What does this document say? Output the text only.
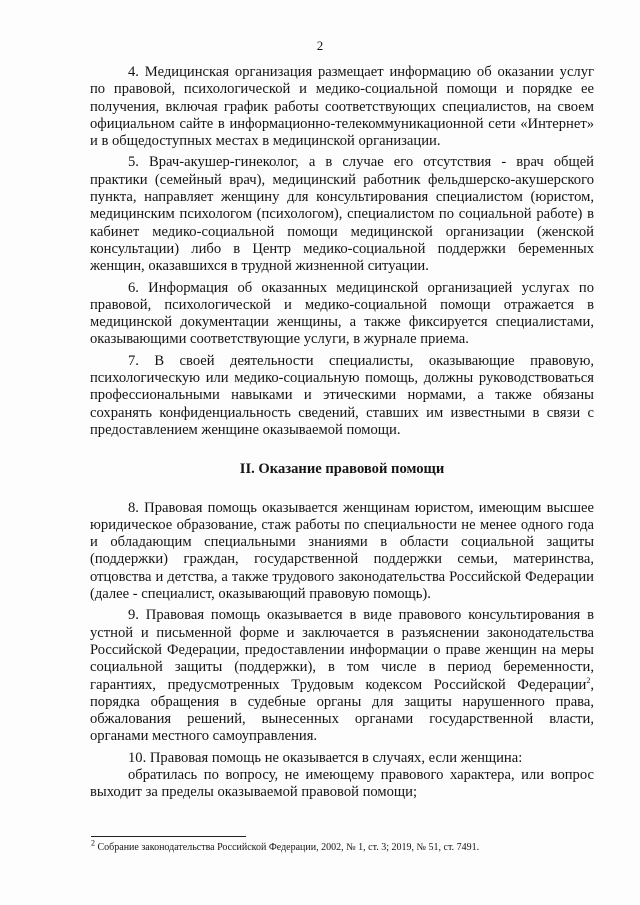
2

4. Медицинская организация размещает информацию об оказании услуг по правовой, психологической и медико-социальной помощи и порядке ее получения, включая график работы соответствующих специалистов, на своем официальном сайте в информационно-телекоммуникационной сети «Интернет» и в общедоступных местах в медицинской организации.

5. Врач-акушер-гинеколог, а в случае его отсутствия - врач общей практики (семейный врач), медицинский работник фельдшерско-акушерского пункта, направляет женщину для консультирования специалистом (юристом, медицинским психологом (психологом), специалистом по социальной работе) в кабинет медико-социальной помощи медицинской организации (женской консультации) либо в Центр медико-социальной поддержки беременных женщин, оказавшихся в трудной жизненной ситуации.

6. Информация об оказанных медицинской организацией услугах по правовой, психологической и медико-социальной помощи отражается в медицинской документации женщины, а также фиксируется специалистами, оказывающими соответствующие услуги, в журнале приема.

7. В своей деятельности специалисты, оказывающие правовую, психологическую или медико-социальную помощь, должны руководствоваться профессиональными навыками и этическими нормами, а также обязаны сохранять конфиденциальность сведений, ставших им известными в связи с предоставлением женщине оказываемой помощи.

II. Оказание правовой помощи

8. Правовая помощь оказывается женщинам юристом, имеющим высшее юридическое образование, стаж работы по специальности не менее одного года и обладающим специальными знаниями в области социальной защиты (поддержки) граждан, государственной поддержки семьи, материнства, отцовства и детства, а также трудового законодательства Российской Федерации (далее - специалист, оказывающий правовую помощь).

9. Правовая помощь оказывается в виде правового консультирования в устной и письменной форме и заключается в разъяснении законодательства Российской Федерации, предоставлении информации о праве женщин на меры социальной защиты (поддержки), в том числе в период беременности, гарантиях, предусмотренных Трудовым кодексом Российской Федерации$^2$, порядка обращения в судебные органы для защиты нарушенного права, обжалования решений, вынесенных органами государственной власти, органами местного самоуправления.

10. Правовая помощь не оказывается в случаях, если женщина:

обратилась по вопросу, не имеющему правового характера, или вопрос выходит за пределы оказываемой правовой помощи;

$^2$ Собрание законодательства Российской Федерации, 2002, № 1, ст. 3; 2019, № 51, ст. 7491.
